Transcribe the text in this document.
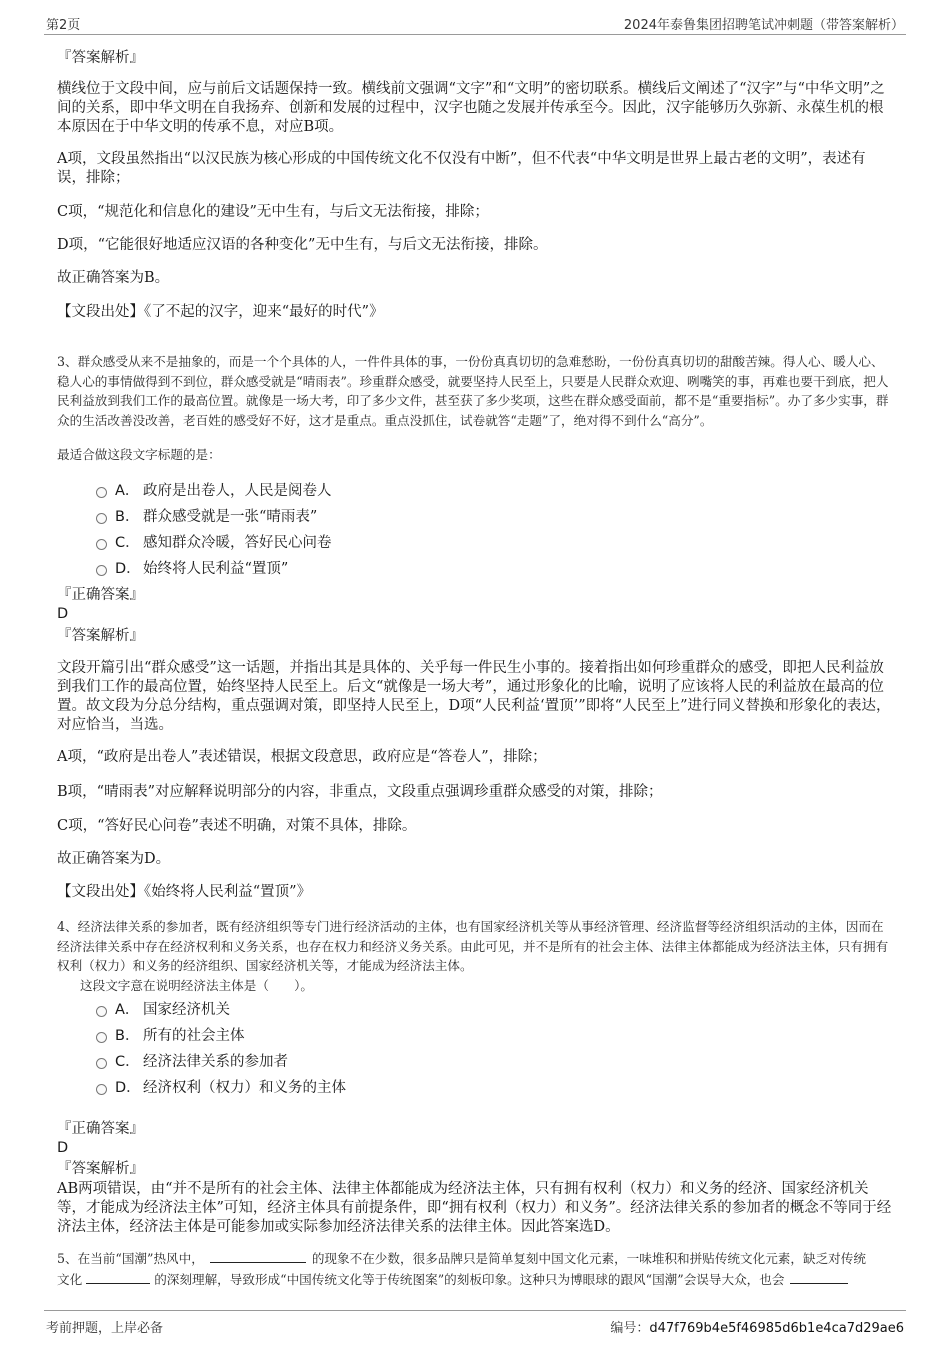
第2页	2024年泰鲁集团招聘笔试冲刺题（带答案解析）

『答案解析』

横线位于文段中间，应与前后文话题保持一致。横线前文强调“文字”和“文明”的密切联系。横线后文阐述了“汉字”与“中华文明”之间的关系，即中华文明在自我扬弃、创新和发展的过程中，汉字也随之发展并传承至今。因此，汉字能够历久弥新、永葆生机的根本原因在于中华文明的传承不息，对应B项。

A项，文段虽然指出“以汉民族为核心形成的中国传统文化不仅没有中断”，但不代表“中华文明是世界上最古老的文明”，表述有误，排除；

C项，“规范化和信息化的建设”无中生有，与后文无法衔接，排除；

D项，“它能很好地适应汉语的各种变化”无中生有，与后文无法衔接，排除。

故正确答案为B。

【文段出处】《了不起的汉字，迎来“最好的时代”》

3、群众感受从来不是抽象的，而是一个个具体的人，一件件具体的事，一份份真真切切的急难愁盼，一份份真真切切的甜酸苦辣。得人心、暖人心、稳人心的事情做得到不到位，群众感受就是“晴雨表”。珍重群众感受，就要坚持人民至上，只要是人民群众欢迎、咧嘴笑的事，再难也要干到底，把人民利益放到我们工作的最高位置。就像是一场大考，印了多少文件，甚至获了多少奖项，这些在群众感受面前，都不是“重要指标”。办了多少实事，群众的生活改善没改善，老百姓的感受好不好，这才是重点。重点没抓住，试卷就答“走题”了，绝对得不到什么“高分”。

最适合做这段文字标题的是：

A． 政府是出卷人，人民是阅卷人
B． 群众感受就是一张“晴雨表”
C． 感知群众冷暖，答好民心问卷
D． 始终将人民利益“置顶”

『正确答案』

D

『答案解析』

文段开篇引出“群众感受”这一话题，并指出其是具体的、关乎每一件民生小事的。接着指出如何珍重群众的感受，即把人民利益放到我们工作的最高位置，始终坚持人民至上。后文“就像是一场大考”，通过形象化的比喻，说明了应该将人民的利益放在最高的位置。故文段为分总分结构，重点强调对策，即坚持人民至上，D项“人民利益‘置顶’”即将“人民至上”进行同义替换和形象化的表达，对应恰当，当选。

A项，“政府是出卷人”表述错误，根据文段意思，政府应是“答卷人”，排除；

B项，“晴雨表”对应解释说明部分的内容，非重点，文段重点强调珍重群众感受的对策，排除；

C项，“答好民心问卷”表述不明确，对策不具体，排除。

故正确答案为D。

【文段出处】《始终将人民利益“置顶”》

4、经济法律关系的参加者，既有经济组织等专门进行经济活动的主体，也有国家经济机关等从事经济管理、经济监督等经济组织活动的主体，因而在经济法律关系中存在经济权利和义务关系，也存在权力和经济义务关系。由此可见，并不是所有的社会主体、法律主体都能成为经济法主体，只有拥有权利（权力）和义务的经济组织、国家经济机关等，才能成为经济法主体。

这段文字意在说明经济法主体是（　　）。

A． 国家经济机关
B． 所有的社会主体
C． 经济法律关系的参加者
D． 经济权利（权力）和义务的主体

『正确答案』

D

『答案解析』

AB两项错误，由“并不是所有的社会主体、法律主体都能成为经济法主体，只有拥有权利（权力）和义务的经济、国家经济机关等，才能成为经济法主体”可知，经济主体具有前提条件，即“拥有权利（权力）和义务”。经济法律关系的参加者的概念不等同于经济法主体，经济法主体是可能参加或实际参加经济法律关系的法律主体。因此答案选D。

5、在当前“国潮”热风中，	的现象不在少数，很多品牌只是简单复刻中国文化元素，一味堆积和拼贴传统文化元素，缺乏对传统
文化	的深刻理解，导致形成“中国传统文化等于传统图案”的刻板印象。这种只为博眼球的跟风“国潮”会误导大众，也会
考前押题，上岸必备	编号：d47f769b4e5f46985d6b1e4ca7d29ae6
